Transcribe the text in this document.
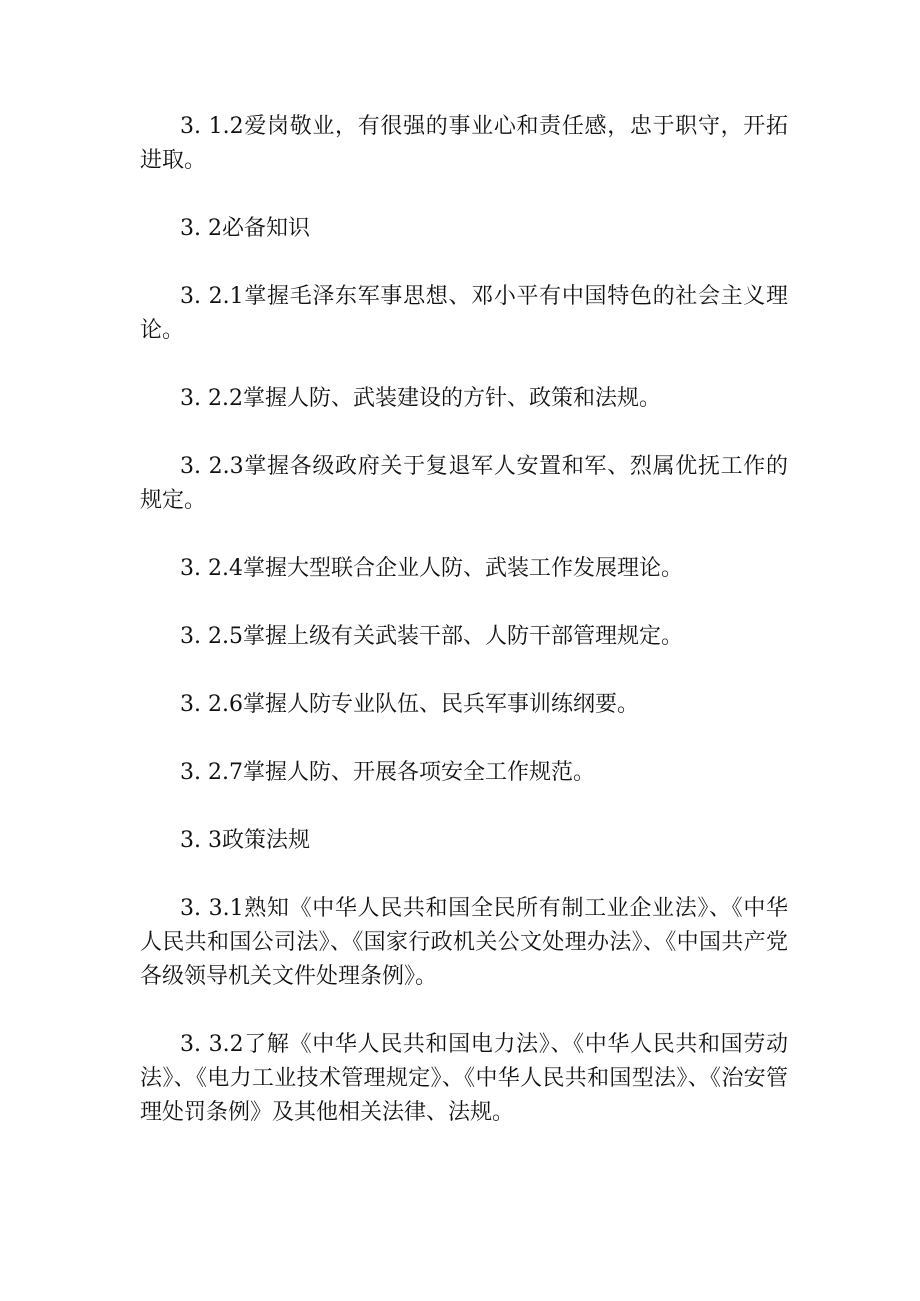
3. 1.2爱岗敬业，有很强的事业心和责任感，忠于职守，开拓进取。

3. 2必备知识

3. 2.1掌握毛泽东军事思想、邓小平有中国特色的社会主义理论。

3. 2.2掌握人防、武装建设的方针、政策和法规。

3. 2.3掌握各级政府关于复退军人安置和军、烈属优抚工作的规定。

3. 2.4掌握大型联合企业人防、武装工作发展理论。

3. 2.5掌握上级有关武装干部、人防干部管理规定。

3. 2.6掌握人防专业队伍、民兵军事训练纲要。

3. 2.7掌握人防、开展各项安全工作规范。

3. 3政策法规

3. 3.1熟知《中华人民共和国全民所有制工业企业法》、《中华人民共和国公司法》、《国家行政机关公文处理办法》、《中国共产党各级领导机关文件处理条例》。

3. 3.2了解《中华人民共和国电力法》、《中华人民共和国劳动法》、《电力工业技术管理规定》、《中华人民共和国型法》、《治安管理处罚条例》及其他相关法律、法规。
